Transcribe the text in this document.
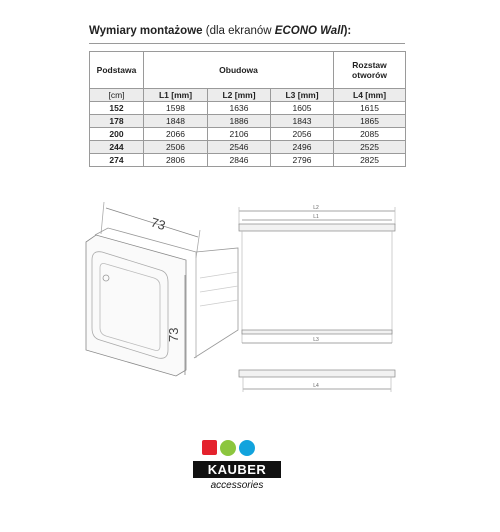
Wymiary montażowe (dla ekranów ECONO Wall):
Podstawa	Obudowa			Rozstaw otworów
[cm]	L1 [mm]	L2 [mm]	L3 [mm]	L4 [mm]
152	1598	1636	1605	1615
178	1848	1886	1843	1865
200	2066	2106	2056	2085
244	2506	2546	2496	2525
274	2806	2846	2796	2825
73
73
L2
L1
L3
L4
KAUBER
accessories
